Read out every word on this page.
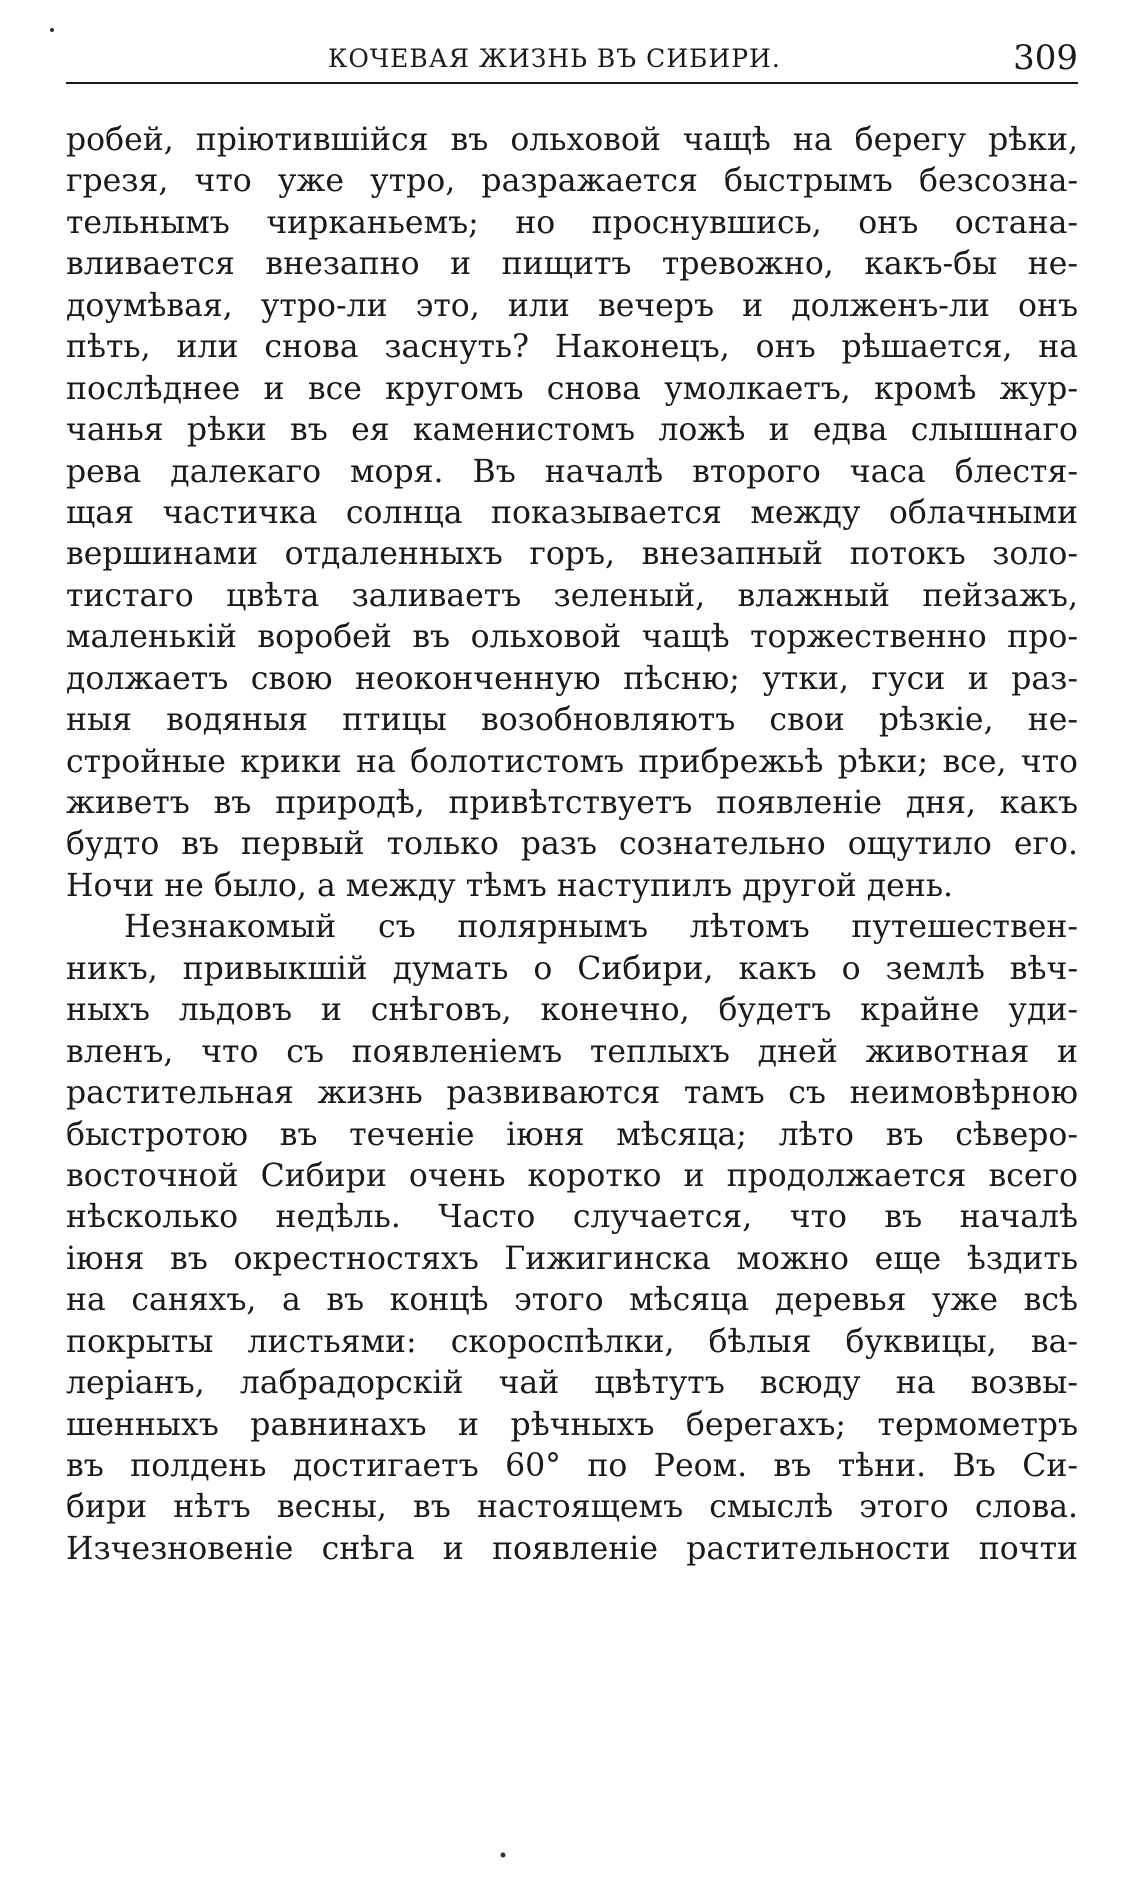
КОЧЕВАЯ ЖИЗНЬ ВЪ СИБИРИ.	309
робей, пріютившійся въ ольховой чащѣ на берегу рѣки,
грезя, что уже утро, разражается быстрымъ безсозна-
тельнымъ чирканьемъ; но проснувшись, онъ остана-
вливается внезапно и пищитъ тревожно, какъ-бы не-
доумѣвая, утро-ли это, или вечеръ и долженъ-ли онъ
пѣть, или снова заснуть? Наконецъ, онъ рѣшается, на
послѣднее и все кругомъ снова умолкаетъ, кромѣ жур-
чанья рѣки въ ея каменистомъ ложѣ и едва слышнаго
рева далекаго моря. Въ началѣ второго часа блестя-
щая частичка солнца показывается между облачными
вершинами отдаленныхъ горъ, внезапный потокъ золо-
тистаго цвѣта заливаетъ зеленый, влажный пейзажъ,
маленькій воробей въ ольховой чащѣ торжественно про-
должаетъ свою неоконченную пѣсню; утки, гуси и раз-
ныя водяныя птицы возобновляютъ свои рѣзкіе, не-
стройные крики на болотистомъ прибрежьѣ рѣки; все, что
живетъ въ природѣ, привѣтствуетъ появленіе дня, какъ
будто въ первый только разъ сознательно ощутило его.
Ночи не было, а между тѣмъ наступилъ другой день.
Незнакомый съ полярнымъ лѣтомъ путешествен-
никъ, привыкшій думать о Сибири, какъ о землѣ вѣч-
ныхъ льдовъ и снѣговъ, конечно, будетъ крайне уди-
вленъ, что съ появленіемъ теплыхъ дней животная и
растительная жизнь развиваются тамъ съ неимовѣрною
быстротою въ теченіе іюня мѣсяца; лѣто въ сѣверо-
восточной Сибири очень коротко и продолжается всего
нѣсколько недѣль. Часто случается, что въ началѣ
іюня въ окрестностяхъ Гижигинска можно еще ѣздить
на саняхъ, а въ концѣ этого мѣсяца деревья уже всѣ
покрыты листьями: скороспѣлки, бѣлыя буквицы, ва-
леріанъ, лабрадорскій чай цвѣтутъ всюду на возвы-
шенныхъ равнинахъ и рѣчныхъ берегахъ; термометръ
въ полдень достигаетъ 60° по Реом. въ тѣни. Въ Си-
бири нѣтъ весны, въ настоящемъ смыслѣ этого слова.
Изчезновеніе снѣга и появленіе растительности почти
